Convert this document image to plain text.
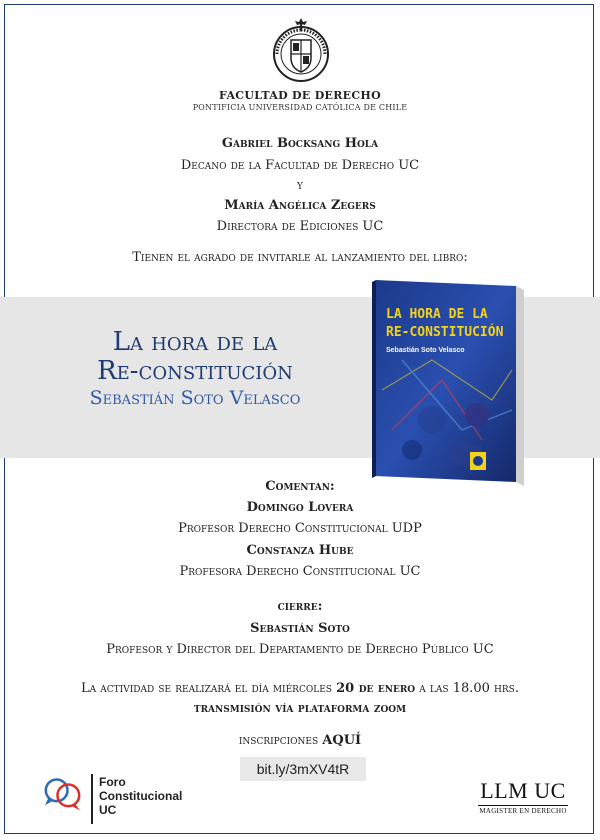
FACULTAD DE DERECHO
PONTIFICIA UNIVERSIDAD CATÓLICA DE CHILE
Gabriel Bocksang Hola
Decano de la Facultad de Derecho UC
y
María Angélica Zegers
Directora de Ediciones UC
Tienen el agrado de invitarle al lanzamiento del libro:
La hora de la
Re-constitución
Sebastián Soto Velasco
LA HORA DE LA
RE-CONSTITUCIÓN
Sebastián Soto Velasco
Comentan:
Domingo Lovera
Profesor Derecho Constitucional UDP
Constanza Hube
Profesora Derecho Constitucional UC
cierre:
Sebastián Soto
Profesor y Director del Departamento de Derecho Público UC
La actividad se realizará el día miércoles 20 de enero a las 18.00 hrs.
transmisión vía plataforma zoom
inscripciones AQUÍ
bit.ly/3mXV4tR
Foro
Constitucional
UC
LLM UC
MAGISTER EN DERECHO
